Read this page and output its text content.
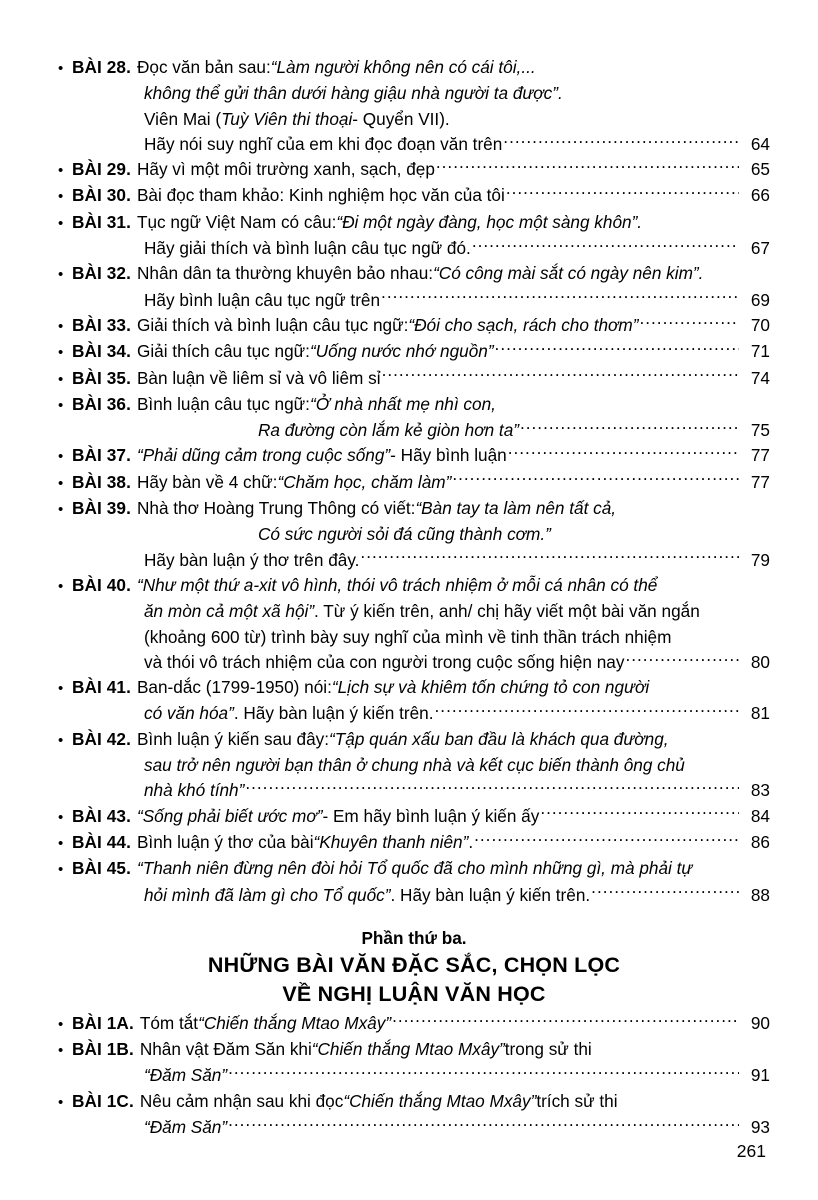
• BÀI 28. Đọc văn bản sau: “Làm người không nên có cái tôi,...
không thể gửi thân dưới hàng giậu nhà người ta được”.
Viên Mai ( Tuỳ Viên thi thoại - Quyển VII).
Hãy nói suy nghĩ của em khi đọc đoạn văn trên .....	64
• BÀI 29. Hãy vì một môi trường xanh, sạch, đẹp .....	65
• BÀI 30. Bài đọc tham khảo: Kinh nghiệm học văn của tôi .....	66
• BÀI 31. Tục ngữ Việt Nam có câu: “Đi một ngày đàng, học một sàng khôn”.
Hãy giải thích và bình luận câu tục ngữ đó. .....	67
• BÀI 32. Nhân dân ta thường khuyên bảo nhau: “Có công mài sắt có ngày nên kim”.
Hãy bình luận câu tục ngữ trên .....	69
• BÀI 33. Giải thích và bình luận câu tục ngữ: “Đói cho sạch, rách cho thơm” .....	70
• BÀI 34. Giải thích câu tục ngữ: “Uống nước nhớ nguồn” .....	71
• BÀI 35. Bàn luận về liêm sỉ và vô liêm sỉ .....	74
• BÀI 36. Bình luận câu tục ngữ: “Ở nhà nhất mẹ nhì con,
Ra đường còn lắm kẻ giòn hơn ta” .....	75
• BÀI 37. “Phải dũng cảm trong cuộc sống” - Hãy bình luận .....	77
• BÀI 38. Hãy bàn về 4 chữ: “Chăm học, chăm làm” .....	77
• BÀI 39. Nhà thơ Hoàng Trung Thông có viết: “Bàn tay ta làm nên tất cả,
Có sức người sỏi đá cũng thành cơm.”
Hãy bàn luận ý thơ trên đây. .....	79
• BÀI 40. “Như một thứ a-xit vô hình, thói vô trách nhiệm ở mỗi cá nhân có thể
ăn mòn cả một xã hội” . Từ ý kiến trên, anh/ chị hãy viết một bài văn ngắn
(khoảng 600 từ) trình bày suy nghĩ của mình về tinh thần trách nhiệm
và thói vô trách nhiệm của con người trong cuộc sống hiện nay .....	80
• BÀI 41. Ban-dắc (1799-1950) nói: “Lịch sự và khiêm tốn chứng tỏ con người
có văn hóa” . Hãy bàn luận ý kiến trên. .....	81
• BÀI 42. Bình luận ý kiến sau đây: “Tập quán xấu ban đầu là khách qua đường,
sau trở nên người bạn thân ở chung nhà và kết cục biến thành ông chủ
nhà khó tính” .....	83
• BÀI 43. “Sống phải biết ước mơ” - Em hãy bình luận ý kiến ấy .....	84
• BÀI 44. Bình luận ý thơ của bài “Khuyên thanh niên” . .....	86
• BÀI 45. “Thanh niên đừng nên đòi hỏi Tổ quốc đã cho mình những gì, mà phải tự
hỏi mình đã làm gì cho Tổ quốc” . Hãy bàn luận ý kiến trên. .....	88
Phần thứ ba.
NHỮNG BÀI VĂN ĐẶC SẮC, CHỌN LỌC
VỀ NGHỊ LUẬN VĂN HỌC
• BÀI 1A. Tóm tắt “Chiến thắng Mtao Mxây” .....	90
• BÀI 1B. Nhân vật Đăm Săn khi “Chiến thắng Mtao Mxây” trong sử thi
“Đăm Săn” .....	91
• BÀI 1C. Nêu cảm nhận sau khi đọc “Chiến thắng Mtao Mxây” trích sử thi
“Đăm Săn” .....	93
261
